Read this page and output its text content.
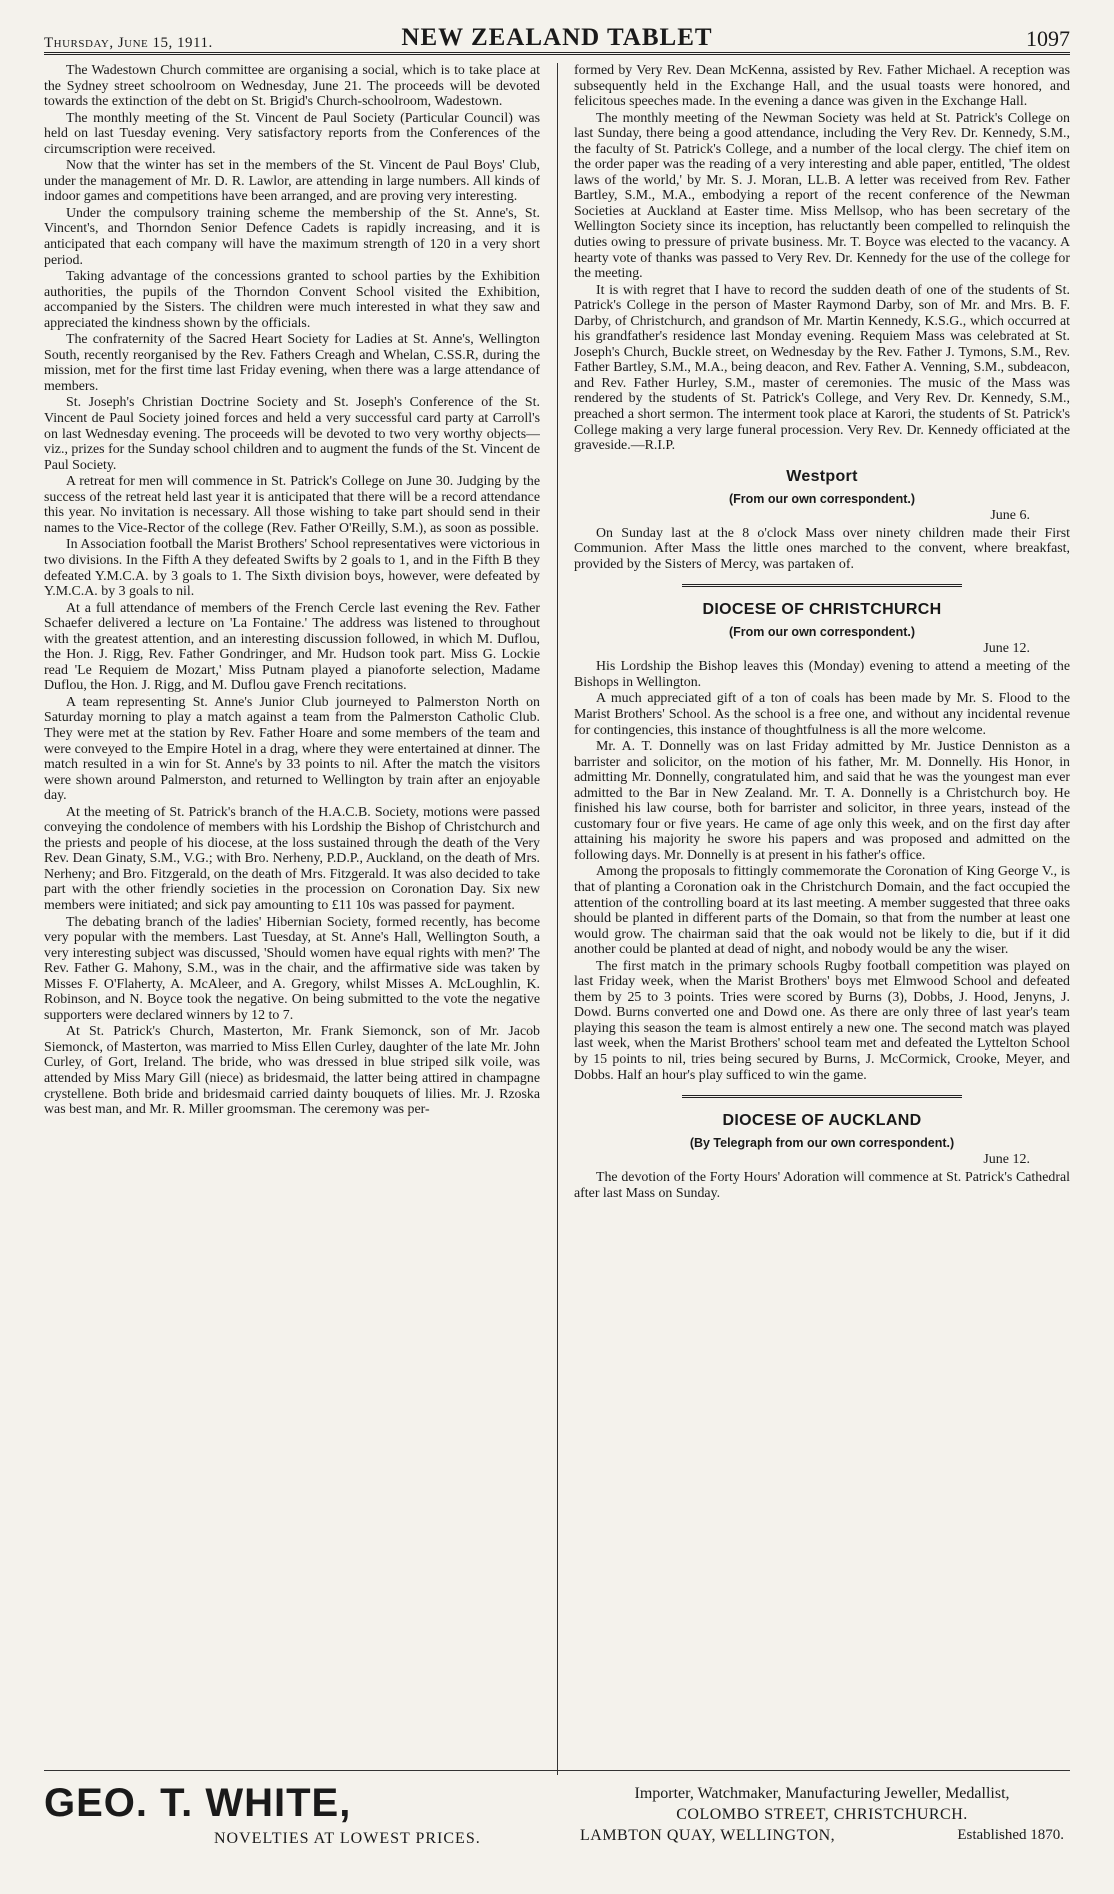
Thursday, June 15, 1911.	NEW ZEALAND TABLET	1097

The Wadestown Church committee are organising a social, which is to take place at the Sydney street schoolroom on Wednesday, June 21. The proceeds will be devoted towards the extinction of the debt on St. Brigid's Church-schoolroom, Wadestown.

The monthly meeting of the St. Vincent de Paul Society (Particular Council) was held on last Tuesday evening. Very satisfactory reports from the Conferences of the circumscription were received.

Now that the winter has set in the members of the St. Vincent de Paul Boys' Club, under the management of Mr. D. R. Lawlor, are attending in large numbers. All kinds of indoor games and competitions have been arranged, and are proving very interesting.

Under the compulsory training scheme the membership of the St. Anne's, St. Vincent's, and Thorndon Senior Defence Cadets is rapidly increasing, and it is anticipated that each company will have the maximum strength of 120 in a very short period.

Taking advantage of the concessions granted to school parties by the Exhibition authorities, the pupils of the Thorndon Convent School visited the Exhibition, accompanied by the Sisters. The children were much interested in what they saw and appreciated the kindness shown by the officials.

The confraternity of the Sacred Heart Society for Ladies at St. Anne's, Wellington South, recently reorganised by the Rev. Fathers Creagh and Whelan, C.SS.R, during the mission, met for the first time last Friday evening, when there was a large attendance of members.

St. Joseph's Christian Doctrine Society and St. Joseph's Conference of the St. Vincent de Paul Society joined forces and held a very successful card party at Carroll's on last Wednesday evening. The proceeds will be devoted to two very worthy objects—viz., prizes for the Sunday school children and to augment the funds of the St. Vincent de Paul Society.

A retreat for men will commence in St. Patrick's College on June 30. Judging by the success of the retreat held last year it is anticipated that there will be a record attendance this year. No invitation is necessary. All those wishing to take part should send in their names to the Vice-Rector of the college (Rev. Father O'Reilly, S.M.), as soon as possible.

In Association football the Marist Brothers' School representatives were victorious in two divisions. In the Fifth A they defeated Swifts by 2 goals to 1, and in the Fifth B they defeated Y.M.C.A. by 3 goals to 1. The Sixth division boys, however, were defeated by Y.M.C.A. by 3 goals to nil.

At a full attendance of members of the French Cercle last evening the Rev. Father Schaefer delivered a lecture on 'La Fontaine.' The address was listened to throughout with the greatest attention, and an interesting discussion followed, in which M. Duflou, the Hon. J. Rigg, Rev. Father Gondringer, and Mr. Hudson took part. Miss G. Lockie read 'Le Requiem de Mozart,' Miss Putnam played a pianoforte selection, Madame Duflou, the Hon. J. Rigg, and M. Duflou gave French recitations.

A team representing St. Anne's Junior Club journeyed to Palmerston North on Saturday morning to play a match against a team from the Palmerston Catholic Club. They were met at the station by Rev. Father Hoare and some members of the team and were conveyed to the Empire Hotel in a drag, where they were entertained at dinner. The match resulted in a win for St. Anne's by 33 points to nil. After the match the visitors were shown around Palmerston, and returned to Wellington by train after an enjoyable day.

At the meeting of St. Patrick's branch of the H.A.C.B. Society, motions were passed conveying the condolence of members with his Lordship the Bishop of Christchurch and the priests and people of his diocese, at the loss sustained through the death of the Very Rev. Dean Ginaty, S.M., V.G.; with Bro. Nerheny, P.D.P., Auckland, on the death of Mrs. Nerheny; and Bro. Fitzgerald, on the death of Mrs. Fitzgerald. It was also decided to take part with the other friendly societies in the procession on Coronation Day. Six new members were initiated; and sick pay amounting to £11 10s was passed for payment.

The debating branch of the ladies' Hibernian Society, formed recently, has become very popular with the members. Last Tuesday, at St. Anne's Hall, Wellington South, a very interesting subject was discussed, 'Should women have equal rights with men?' The Rev. Father G. Mahony, S.M., was in the chair, and the affirmative side was taken by Misses F. O'Flaherty, A. McAleer, and A. Gregory, whilst Misses A. McLoughlin, K. Robinson, and N. Boyce took the negative. On being submitted to the vote the negative supporters were declared winners by 12 to 7.

At St. Patrick's Church, Masterton, Mr. Frank Siemonck, son of Mr. Jacob Siemonck, of Masterton, was married to Miss Ellen Curley, daughter of the late Mr. John Curley, of Gort, Ireland. The bride, who was dressed in blue striped silk voile, was attended by Miss Mary Gill (niece) as bridesmaid, the latter being attired in champagne crystellene. Both bride and bridesmaid carried dainty bouquets of lilies. Mr. J. Rzoska was best man, and Mr. R. Miller groomsman. The ceremony was per-

formed by Very Rev. Dean McKenna, assisted by Rev. Father Michael. A reception was subsequently held in the Exchange Hall, and the usual toasts were honored, and felicitous speeches made. In the evening a dance was given in the Exchange Hall.

The monthly meeting of the Newman Society was held at St. Patrick's College on last Sunday, there being a good attendance, including the Very Rev. Dr. Kennedy, S.M., the faculty of St. Patrick's College, and a number of the local clergy. The chief item on the order paper was the reading of a very interesting and able paper, entitled, 'The oldest laws of the world,' by Mr. S. J. Moran, LL.B. A letter was received from Rev. Father Bartley, S.M., M.A., embodying a report of the recent conference of the Newman Societies at Auckland at Easter time. Miss Mellsop, who has been secretary of the Wellington Society since its inception, has reluctantly been compelled to relinquish the duties owing to pressure of private business. Mr. T. Boyce was elected to the vacancy. A hearty vote of thanks was passed to Very Rev. Dr. Kennedy for the use of the college for the meeting.

It is with regret that I have to record the sudden death of one of the students of St. Patrick's College in the person of Master Raymond Darby, son of Mr. and Mrs. B. F. Darby, of Christchurch, and grandson of Mr. Martin Kennedy, K.S.G., which occurred at his grandfather's residence last Monday evening. Requiem Mass was celebrated at St. Joseph's Church, Buckle street, on Wednesday by the Rev. Father J. Tymons, S.M., Rev. Father Bartley, S.M., M.A., being deacon, and Rev. Father A. Venning, S.M., subdeacon, and Rev. Father Hurley, S.M., master of ceremonies. The music of the Mass was rendered by the students of St. Patrick's College, and Very Rev. Dr. Kennedy, S.M., preached a short sermon. The interment took place at Karori, the students of St. Patrick's College making a very large funeral procession. Very Rev. Dr. Kennedy officiated at the graveside.—R.I.P.

Westport
(From our own correspondent.)
June 6.

On Sunday last at the 8 o'clock Mass over ninety children made their First Communion. After Mass the little ones marched to the convent, where breakfast, provided by the Sisters of Mercy, was partaken of.

DIOCESE OF CHRISTCHURCH
(From our own correspondent.)
June 12.

His Lordship the Bishop leaves this (Monday) evening to attend a meeting of the Bishops in Wellington.

A much appreciated gift of a ton of coals has been made by Mr. S. Flood to the Marist Brothers' School. As the school is a free one, and without any incidental revenue for contingencies, this instance of thoughtfulness is all the more welcome.

Mr. A. T. Donnelly was on last Friday admitted by Mr. Justice Denniston as a barrister and solicitor, on the motion of his father, Mr. M. Donnelly. His Honor, in admitting Mr. Donnelly, congratulated him, and said that he was the youngest man ever admitted to the Bar in New Zealand. Mr. T. A. Donnelly is a Christchurch boy. He finished his law course, both for barrister and solicitor, in three years, instead of the customary four or five years. He came of age only this week, and on the first day after attaining his majority he swore his papers and was proposed and admitted on the following days. Mr. Donnelly is at present in his father's office.

Among the proposals to fittingly commemorate the Coronation of King George V., is that of planting a Coronation oak in the Christchurch Domain, and the fact occupied the attention of the controlling board at its last meeting. A member suggested that three oaks should be planted in different parts of the Domain, so that from the number at least one would grow. The chairman said that the oak would not be likely to die, but if it did another could be planted at dead of night, and nobody would be any the wiser.

The first match in the primary schools Rugby football competition was played on last Friday week, when the Marist Brothers' boys met Elmwood School and defeated them by 25 to 3 points. Tries were scored by Burns (3), Dobbs, J. Hood, Jenyns, J. Dowd. Burns converted one and Dowd one. As there are only three of last year's team playing this season the team is almost entirely a new one. The second match was played last week, when the Marist Brothers' school team met and defeated the Lyttelton School by 15 points to nil, tries being secured by Burns, J. McCormick, Crooke, Meyer, and Dobbs. Half an hour's play sufficed to win the game.

DIOCESE OF AUCKLAND
(By Telegraph from our own correspondent.)
June 12.

The devotion of the Forty Hours' Adoration will commence at St. Patrick's Cathedral after last Mass on Sunday.

GEO. T. WHITE,
NOVELTIES AT LOWEST PRICES.
Importer, Watchmaker, Manufacturing Jeweller, Medallist,
COLOMBO STREET, CHRISTCHURCH.
LAMBTON QUAY, WELLINGTON,	Established 1870.
